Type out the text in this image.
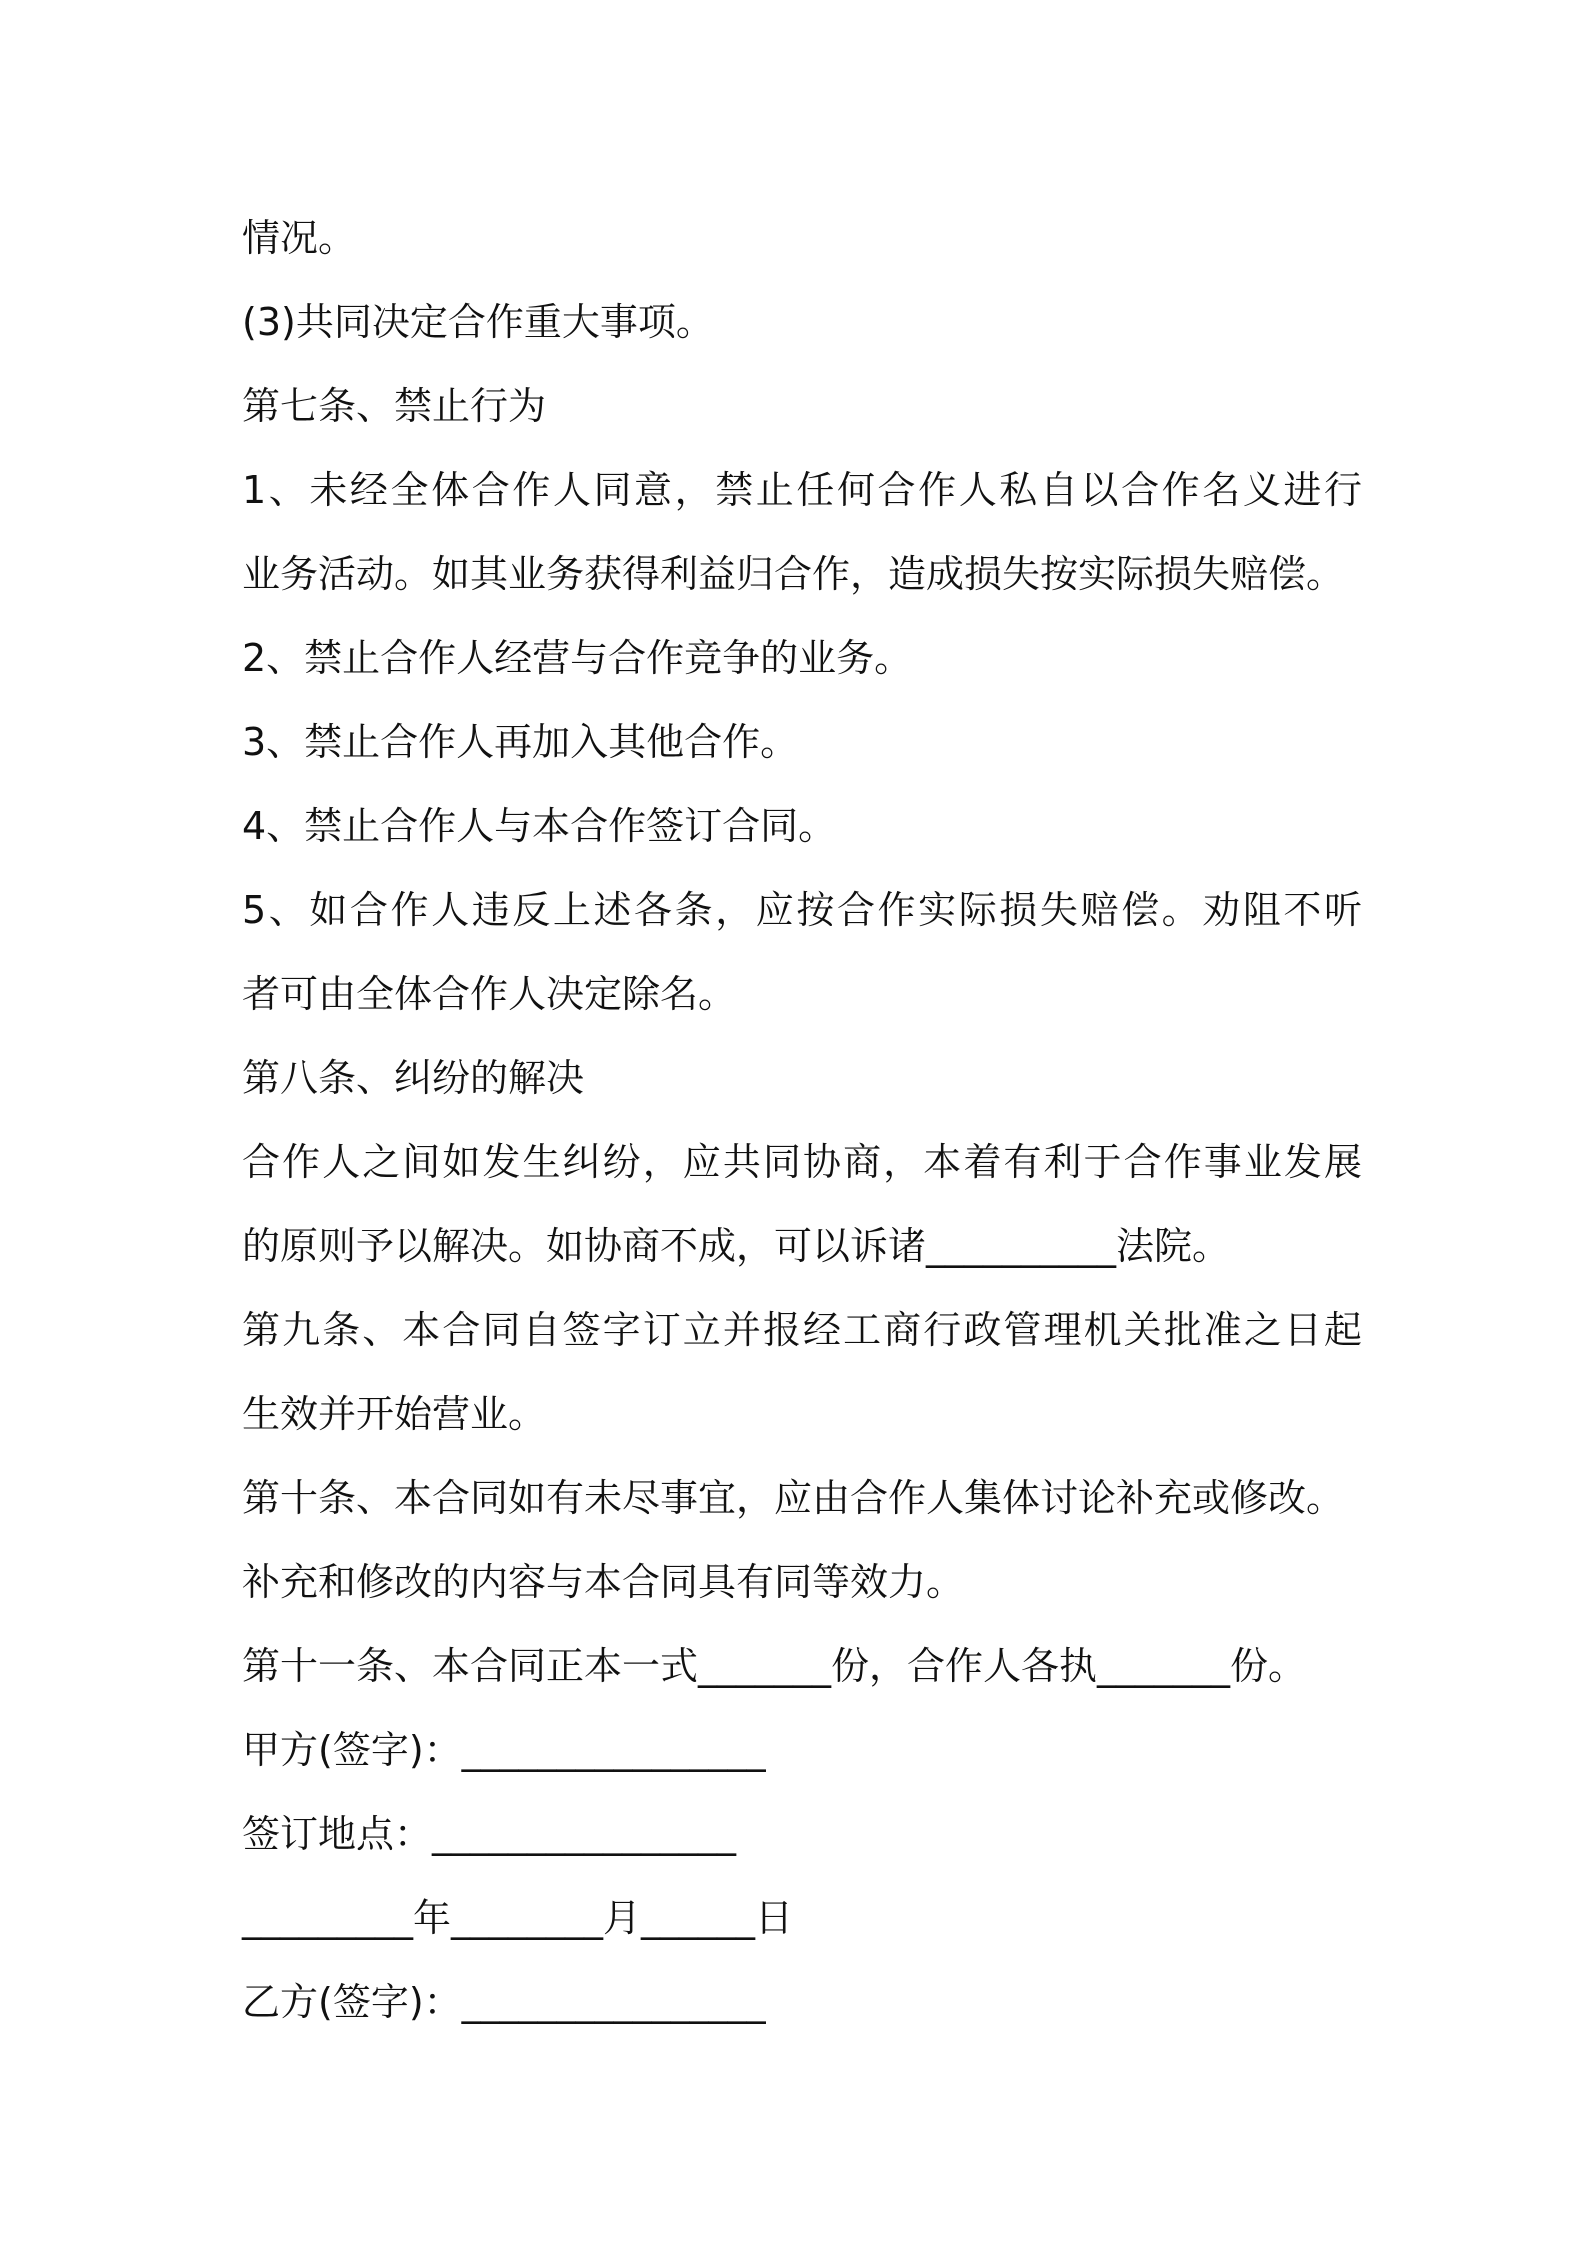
情况。

(3)共同决定合作重大事项。

第七条、禁止行为

1、未经全体合作人同意，禁止任何合作人私自以合作名义进行

业务活动。如其业务获得利益归合作，造成损失按实际损失赔偿。

2、禁止合作人经营与合作竞争的业务。

3、禁止合作人再加入其他合作。

4、禁止合作人与本合作签订合同。

5、如合作人违反上述各条，应按合作实际损失赔偿。劝阻不听

者可由全体合作人决定除名。

第八条、纠纷的解决

合作人之间如发生纠纷，应共同协商，本着有利于合作事业发展

的原则予以解决。如协商不成，可以诉诸__________法院。

第九条、本合同自签字订立并报经工商行政管理机关批准之日起

生效并开始营业。

第十条、本合同如有未尽事宜，应由合作人集体讨论补充或修改。

补充和修改的内容与本合同具有同等效力。

第十一条、本合同正本一式_______份，合作人各执_______份。

甲方(签字)：________________

签订地点：________________

_________年________月______日

乙方(签字)：________________
